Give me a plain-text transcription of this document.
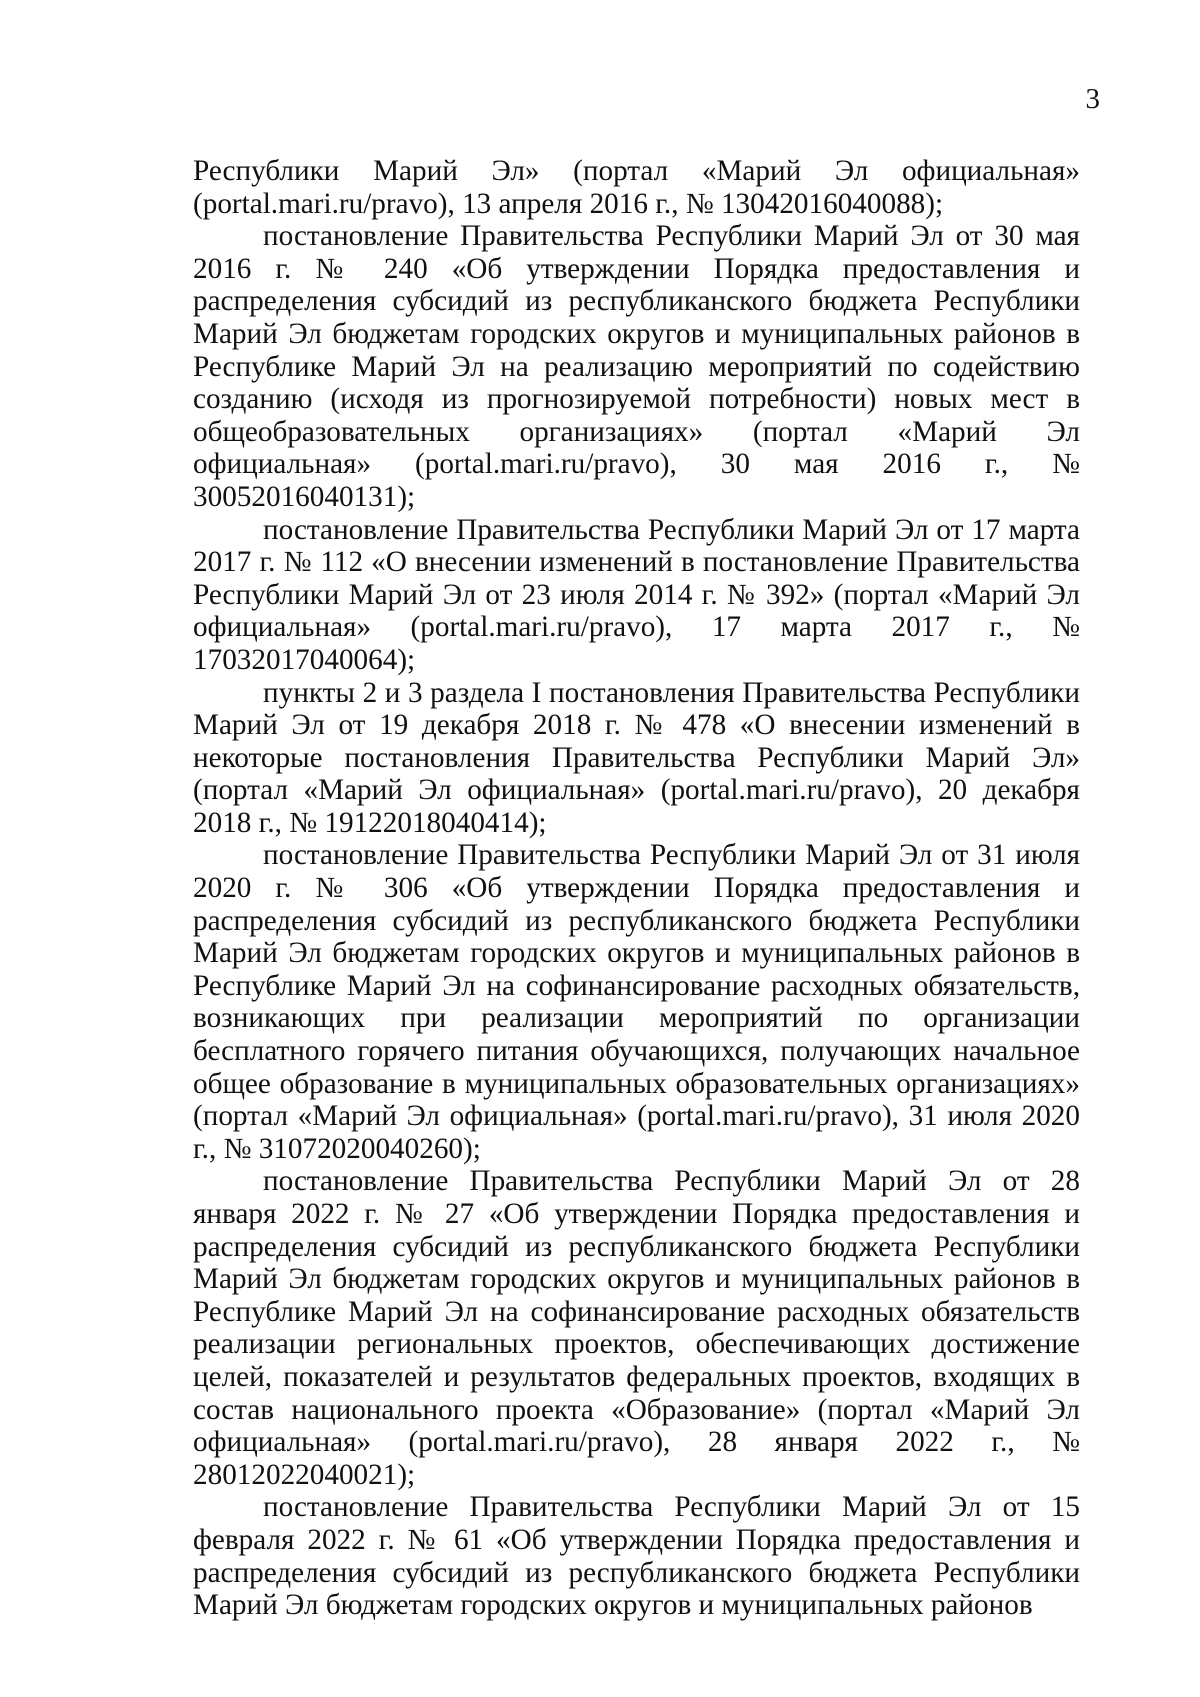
3

Республики Марий Эл» (портал «Марий Эл официальная» (portal.mari.ru/pravo), 13 апреля 2016 г., № 13042016040088);

постановление Правительства Республики Марий Эл от 30 мая 2016 г. № 240 «Об утверждении Порядка предоставления и распределения субсидий из республиканского бюджета Республики Марий Эл бюджетам городских округов и муниципальных районов в Республике Марий Эл на реализацию мероприятий по содействию созданию (исходя из прогнозируемой потребности) новых мест в общеобразовательных организациях» (портал «Марий Эл официальная» (portal.mari.ru/pravo), 30 мая 2016 г., № 30052016040131);

постановление Правительства Республики Марий Эл от 17 марта 2017 г. № 112 «О внесении изменений в постановление Правительства Республики Марий Эл от 23 июля 2014 г. № 392» (портал «Марий Эл официальная» (portal.mari.ru/pravo), 17 марта 2017 г., № 17032017040064);

пункты 2 и 3 раздела I постановления Правительства Республики Марий Эл от 19 декабря 2018 г. № 478 «О внесении изменений в некоторые постановления Правительства Республики Марий Эл» (портал «Марий Эл официальная» (portal.mari.ru/pravo), 20 декабря 2018 г., № 19122018040414);

постановление Правительства Республики Марий Эл от 31 июля 2020 г. № 306 «Об утверждении Порядка предоставления и распределения субсидий из республиканского бюджета Республики Марий Эл бюджетам городских округов и муниципальных районов в Республике Марий Эл на софинансирование расходных обязательств, возникающих при реализации мероприятий по организации бесплатного горячего питания обучающихся, получающих начальное общее образование в муниципальных образовательных организациях» (портал «Марий Эл официальная» (portal.mari.ru/pravo), 31 июля 2020 г., № 31072020040260);

постановление Правительства Республики Марий Эл от 28 января 2022 г. № 27 «Об утверждении Порядка предоставления и распределения субсидий из республиканского бюджета Республики Марий Эл бюджетам городских округов и муниципальных районов в Республике Марий Эл на софинансирование расходных обязательств реализации региональных проектов, обеспечивающих достижение целей, показателей и результатов федеральных проектов, входящих в состав национального проекта «Образование» (портал «Марий Эл официальная» (portal.mari.ru/pravo), 28 января 2022 г., № 28012022040021);

постановление Правительства Республики Марий Эл от 15 февраля 2022 г. № 61 «Об утверждении Порядка предоставления и распределения субсидий из республиканского бюджета Республики Марий Эл бюджетам городских округов и муниципальных районов
